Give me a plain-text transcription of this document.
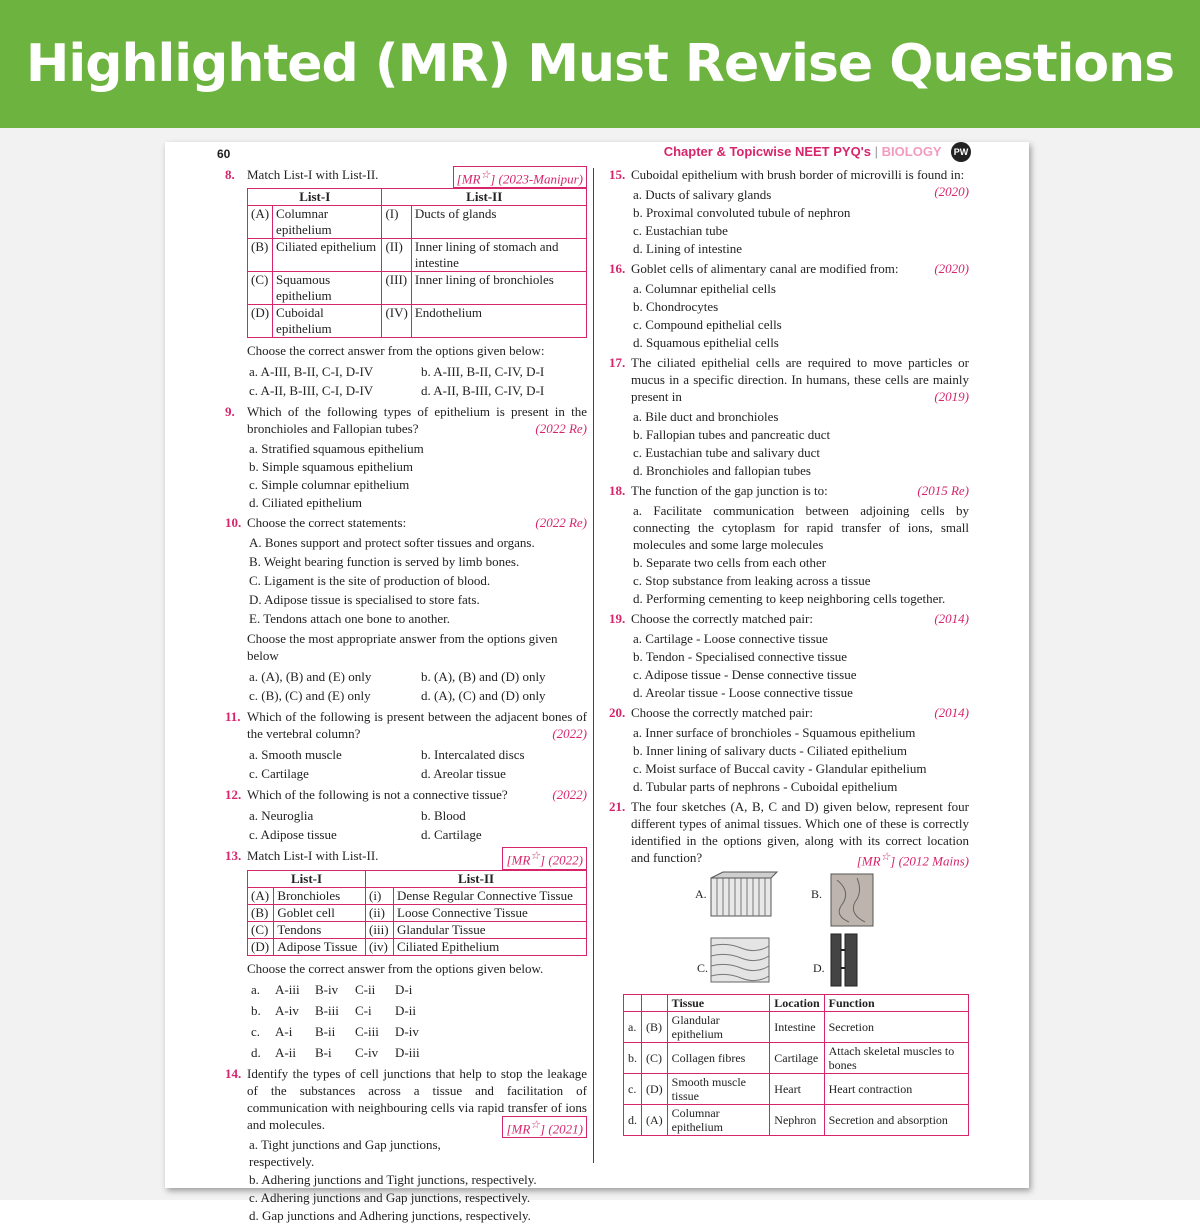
Highlighted (MR) Must Revise Questions
60	Chapter & Topicwise NEET PYQ's | BIOLOGY	PW
8. Match List-I with List-II.	[MR☆] (2023-Manipur)
List-I		List-II	
(A)	Columnar epithelium	(I)	Ducts of glands
(B)	Ciliated epithelium	(II)	Inner lining of stomach and intestine
(C)	Squamous epithelium	(III)	Inner lining of bronchioles
(D)	Cuboidal epithelium	(IV)	Endothelium
Choose the correct answer from the options given below:
a. A-III, B-II, C-I, D-IV	b. A-III, B-II, C-IV, D-I
c. A-II, B-III, C-I, D-IV	d. A-II, B-III, C-IV, D-I
9. Which of the following types of epithelium is present in the bronchioles and Fallopian tubes?	(2022 Re)
a. Stratified squamous epithelium
b. Simple squamous epithelium
c. Simple columnar epithelium
d. Ciliated epithelium
10. Choose the correct statements:	(2022 Re)
A. Bones support and protect softer tissues and organs.
B. Weight bearing function is served by limb bones.
C. Ligament is the site of production of blood.
D. Adipose tissue is specialised to store fats.
E. Tendons attach one bone to another.
Choose the most appropriate answer from the options given below
a. (A), (B) and (E) only	b. (A), (B) and (D) only
c. (B), (C) and (E) only	d. (A), (C) and (D) only
11. Which of the following is present between the adjacent bones of the vertebral column?	(2022)
a. Smooth muscle	b. Intercalated discs
c. Cartilage	d. Areolar tissue
12. Which of the following is not a connective tissue?	(2022)
a. Neuroglia	b. Blood
c. Adipose tissue	d. Cartilage
13. Match List-I with List-II.	[MR☆] (2022)
List-I		List-II	
(A)	Bronchioles	(i)	Dense Regular Connective Tissue
(B)	Goblet cell	(ii)	Loose Connective Tissue
(C)	Tendons	(iii)	Glandular Tissue
(D)	Adipose Tissue	(iv)	Ciliated Epithelium
Choose the correct answer from the options given below.
a.	A-iii	B-iv	C-ii	D-i
b.	A-iv	B-iii	C-i	D-ii
c.	A-i	B-ii	C-iii	D-iv
d.	A-ii	B-i	C-iv	D-iii
14. Identify the types of cell junctions that help to stop the leakage of the substances across a tissue and facilitation of communication with neighbouring cells via rapid transfer of ions and molecules.	[MR☆] (2021)
a. Tight junctions and Gap junctions, respectively.
b. Adhering junctions and Tight junctions, respectively.
c. Adhering junctions and Gap junctions, respectively.
d. Gap junctions and Adhering junctions, respectively.
15. Cuboidal epithelium with brush border of microvilli is found in:
(2020)
a. Ducts of salivary glands
b. Proximal convoluted tubule of nephron
c. Eustachian tube
d. Lining of intestine
16. Goblet cells of alimentary canal are modified from:	(2020)
a. Columnar epithelial cells
b. Chondrocytes
c. Compound epithelial cells
d. Squamous epithelial cells
17. The ciliated epithelial cells are required to move particles or mucus in a specific direction. In humans, these cells are mainly present in	(2019)
a. Bile duct and bronchioles
b. Fallopian tubes and pancreatic duct
c. Eustachian tube and salivary duct
d. Bronchioles and fallopian tubes
18. The function of the gap junction is to:	(2015 Re)
a. Facilitate communication between adjoining cells by connecting the cytoplasm for rapid transfer of ions, small molecules and some large molecules
b. Separate two cells from each other
c. Stop substance from leaking across a tissue
d. Performing cementing to keep neighboring cells together.
19. Choose the correctly matched pair:	(2014)
a. Cartilage - Loose connective tissue
b. Tendon - Specialised connective tissue
c. Adipose tissue - Dense connective tissue
d. Areolar tissue - Loose connective tissue
20. Choose the correctly matched pair:	(2014)
a. Inner surface of bronchioles - Squamous epithelium
b. Inner lining of salivary ducts - Ciliated epithelium
c. Moist surface of Buccal cavity - Glandular epithelium
d. Tubular parts of nephrons - Cuboidal epithelium
21. The four sketches (A, B, C and D) given below, represent four different types of animal tissues. Which one of these is correctly identified in the options given, along with its correct location and function?	[MR☆] (2012 Mains)
A.	B.
C.	D.
		Tissue	Location	Function
a.	(B)	Glandular epithelium	Intestine	Secretion
b.	(C)	Collagen fibres	Cartilage	Attach skeletal muscles to bones
c.	(D)	Smooth muscle tissue	Heart	Heart contraction
d.	(A)	Columnar epithelium	Nephron	Secretion and absorption
